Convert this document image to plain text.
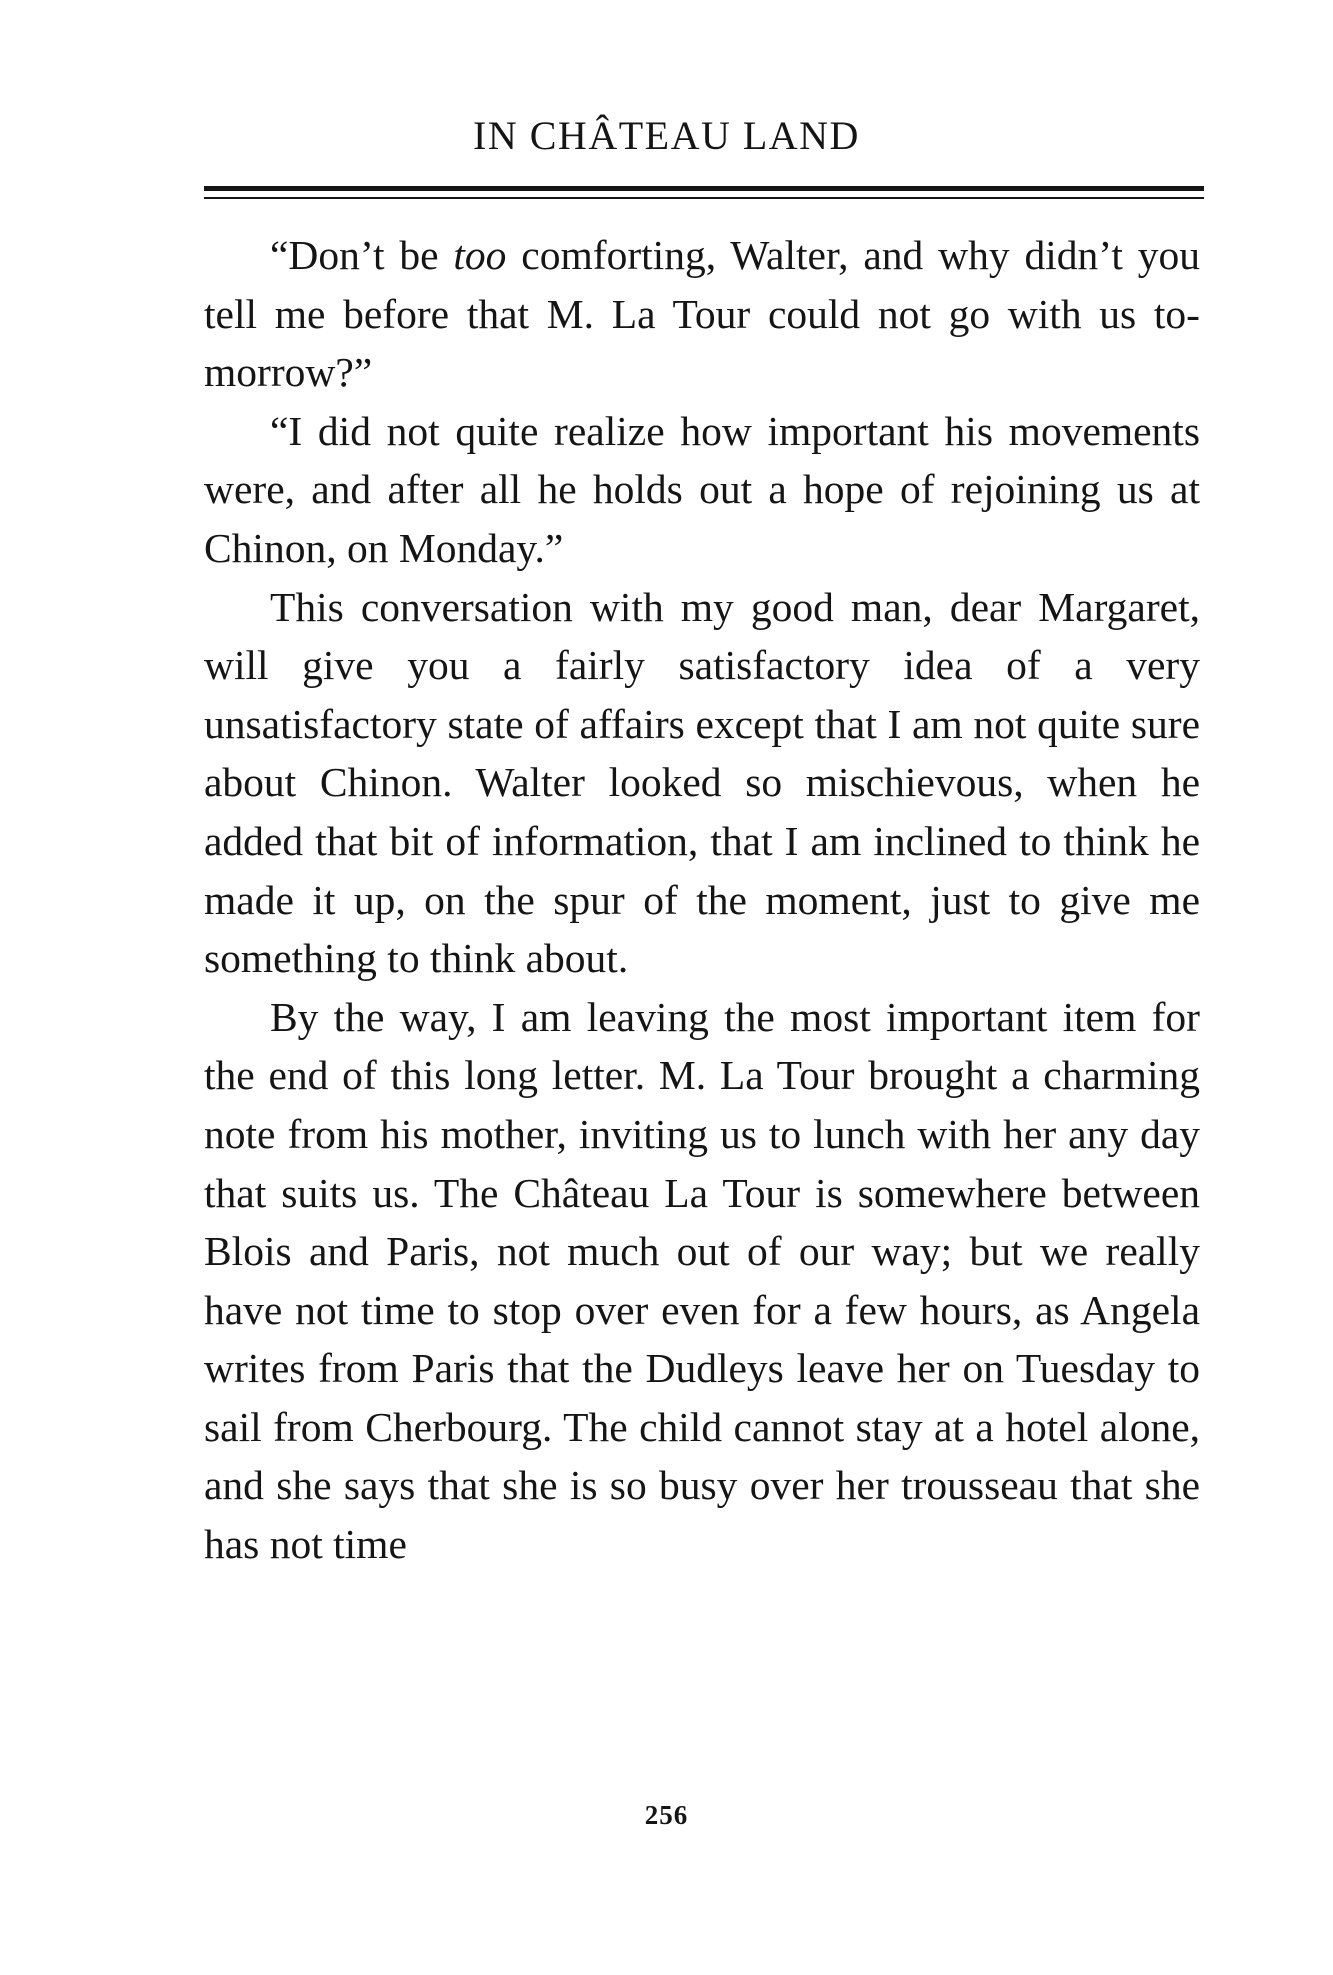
IN CHÂTEAU LAND

“Don’t be too comforting, Walter, and why didn’t you tell me before that M. La Tour could not go with us to-morrow?”

“I did not quite realize how important his movements were, and after all he holds out a hope of rejoining us at Chinon, on Monday.”

This conversation with my good man, dear Margaret, will give you a fairly satisfactory idea of a very unsatisfactory state of affairs except that I am not quite sure about Chinon. Walter looked so mischievous, when he added that bit of information, that I am inclined to think he made it up, on the spur of the moment, just to give me something to think about.

By the way, I am leaving the most important item for the end of this long letter. M. La Tour brought a charming note from his mother, inviting us to lunch with her any day that suits us. The Château La Tour is somewhere between Blois and Paris, not much out of our way; but we really have not time to stop over even for a few hours, as Angela writes from Paris that the Dudleys leave her on Tuesday to sail from Cherbourg. The child cannot stay at a hotel alone, and she says that she is so busy over her trousseau that she has not time

256
